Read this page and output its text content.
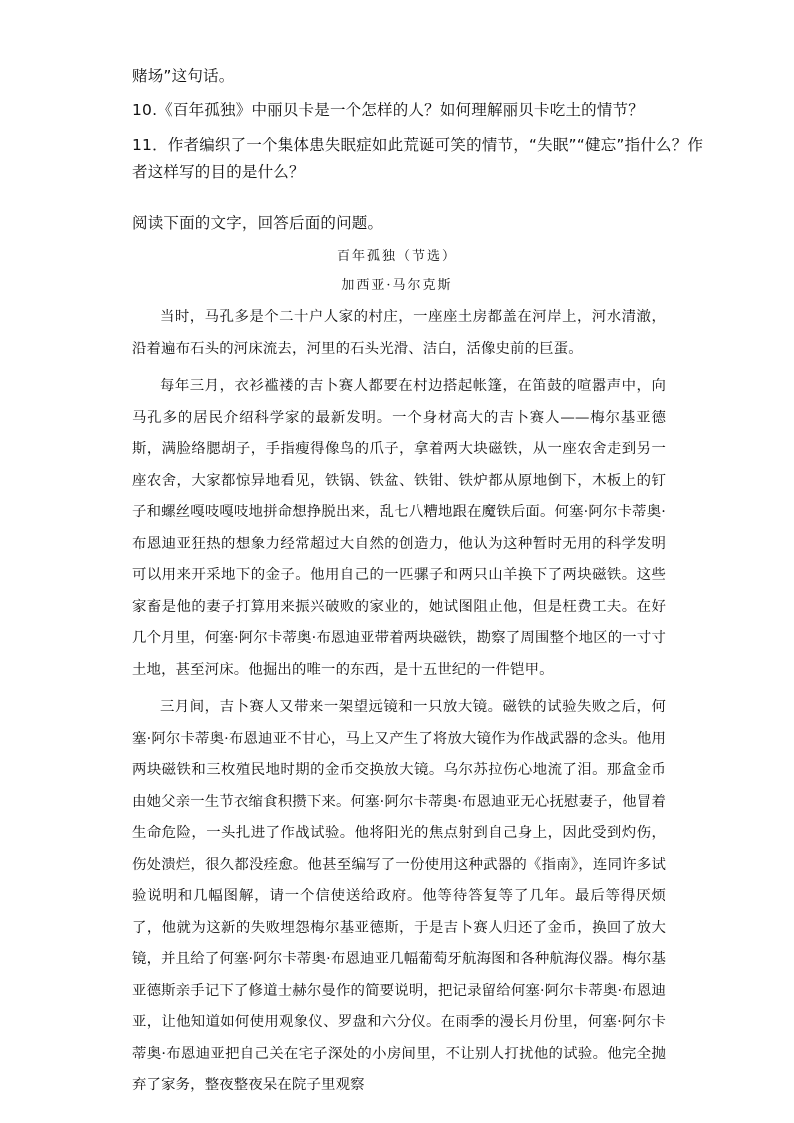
赌场”这句话。
10.《百年孤独》中丽贝卡是一个怎样的人？如何理解丽贝卡吃土的情节？
11．作者编织了一个集体患失眠症如此荒诞可笑的情节，“失眠”“健忘”指什么？作
者这样写的目的是什么？
阅读下面的文字，回答后面的问题。
百年孤独（节选）
加西亚·马尔克斯

当时，马孔多是个二十户人家的村庄，一座座土房都盖在河岸上，河水清澈，沿着遍布石头的河床流去，河里的石头光滑、洁白，活像史前的巨蛋。

每年三月，衣衫褴褛的吉卜赛人都要在村边搭起帐篷，在笛鼓的喧嚣声中，向马孔多的居民介绍科学家的最新发明。一个身材高大的吉卜赛人——梅尔基亚德斯，满脸络腮胡子，手指瘦得像鸟的爪子，拿着两大块磁铁，从一座农舍走到另一座农舍，大家都惊异地看见，铁锅、铁盆、铁钳、铁炉都从原地倒下，木板上的钉子和螺丝嘎吱嘎吱地拼命想挣脱出来，乱七八糟地跟在魔铁后面。何塞·阿尔卡蒂奥·布恩迪亚狂热的想象力经常超过大自然的创造力，他认为这种暂时无用的科学发明可以用来开采地下的金子。他用自己的一匹骡子和两只山羊换下了两块磁铁。这些家畜是他的妻子打算用来振兴破败的家业的，她试图阻止他，但是枉费工夫。在好几个月里，何塞·阿尔卡蒂奥·布恩迪亚带着两块磁铁，勘察了周围整个地区的一寸寸土地，甚至河床。他掘出的唯一的东西，是十五世纪的一件铠甲。

三月间，吉卜赛人又带来一架望远镜和一只放大镜。磁铁的试验失败之后，何塞·阿尔卡蒂奥·布恩迪亚不甘心，马上又产生了将放大镜作为作战武器的念头。他用两块磁铁和三枚殖民地时期的金币交换放大镜。乌尔苏拉伤心地流了泪。那盒金币由她父亲一生节衣缩食积攒下来。何塞·阿尔卡蒂奥·布恩迪亚无心抚慰妻子，他冒着生命危险，一头扎进了作战试验。他将阳光的焦点射到自己身上，因此受到灼伤，伤处溃烂，很久都没痊愈。他甚至编写了一份使用这种武器的《指南》，连同许多试验说明和几幅图解，请一个信使送给政府。他等待答复等了几年。最后等得厌烦了，他就为这新的失败埋怨梅尔基亚德斯，于是吉卜赛人归还了金币，换回了放大镜，并且给了何塞·阿尔卡蒂奥·布恩迪亚几幅葡萄牙航海图和各种航海仪器。梅尔基亚德斯亲手记下了修道士赫尔曼作的简要说明，把记录留给何塞·阿尔卡蒂奥·布恩迪亚，让他知道如何使用观象仪、罗盘和六分仪。在雨季的漫长月份里，何塞·阿尔卡蒂奥·布恩迪亚把自己关在宅子深处的小房间里，不让别人打扰他的试验。他完全抛弃了家务，整夜整夜呆在院子里观察
